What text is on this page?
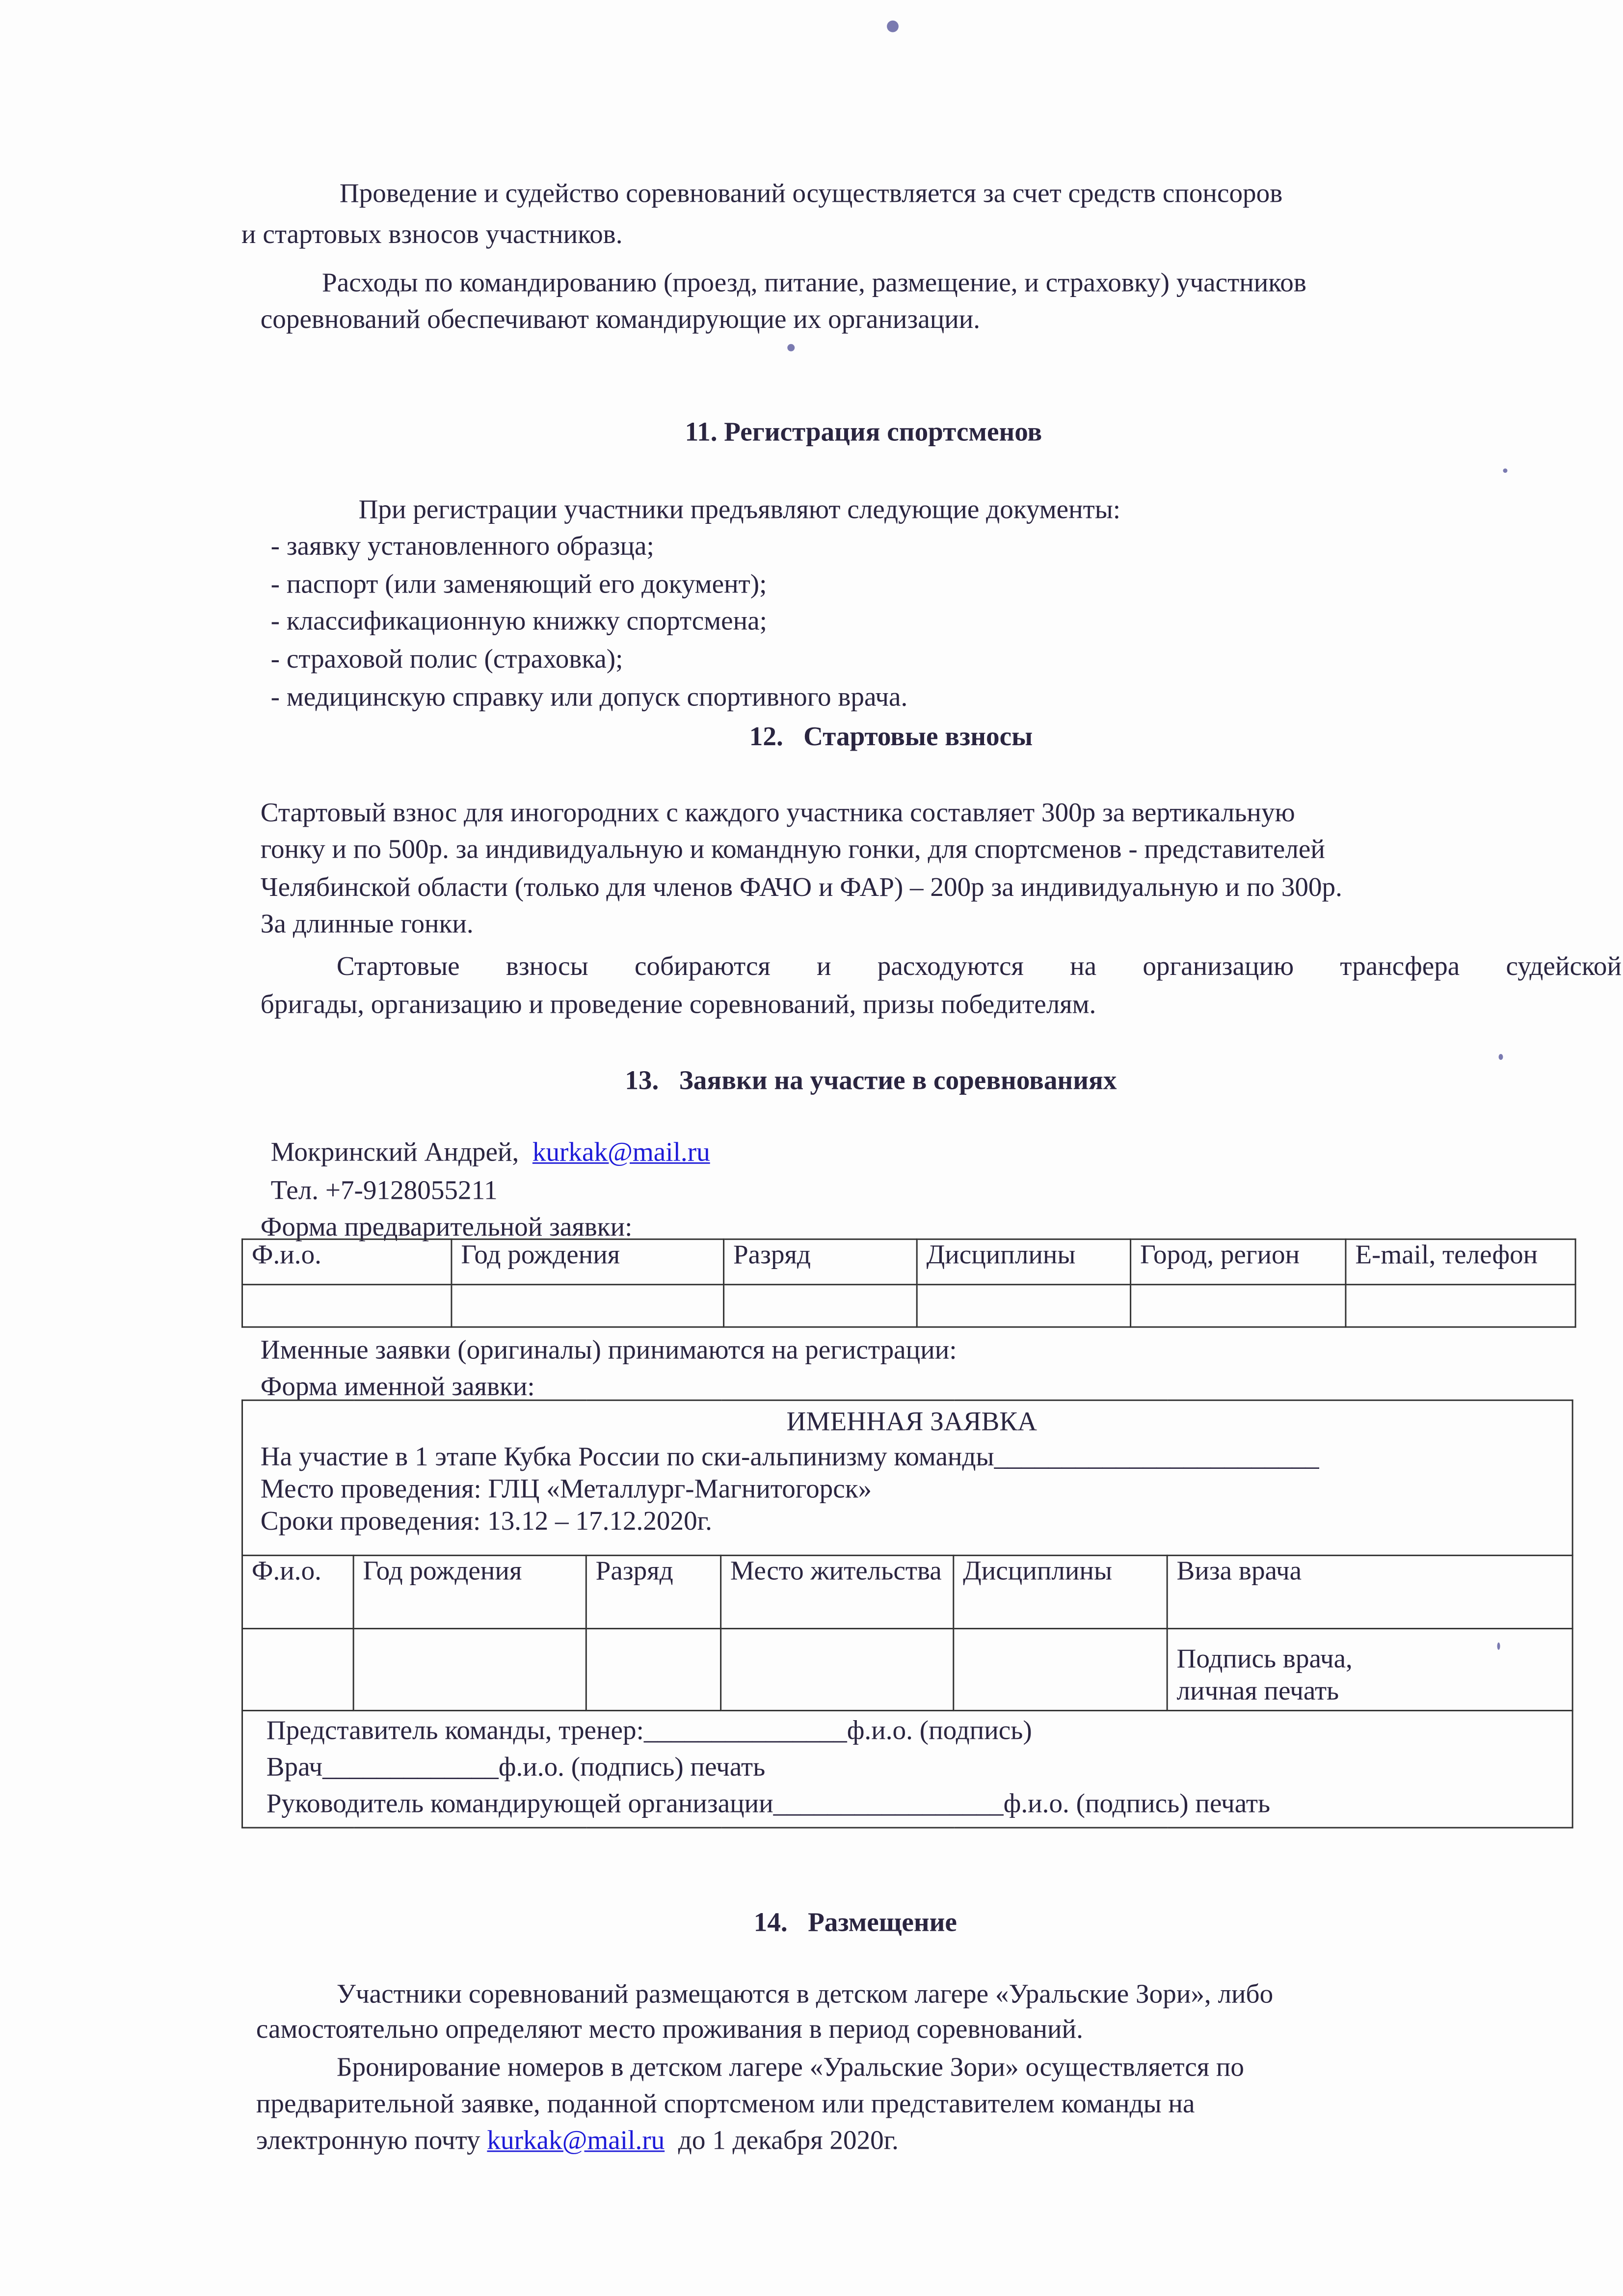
Проведение и судейство соревнований осуществляется за счет средств спонсоров
и стартовых взносов участников.
Расходы по командированию (проезд, питание, размещение, и страховку) участников
соревнований обеспечивают командирующие их организации.
11. Регистрация спортсменов
При регистрации участники предъявляют следующие документы:
- заявку установленного образца;
- паспорт (или заменяющий его документ);
- классификационную книжку спортсмена;
- страховой полис (страховка);
- медицинскую справку или допуск спортивного врача.
12.   Стартовые взносы
Стартовый взнос для иногородних с каждого участника составляет 300р за вертикальную
гонку и по 500р. за индивидуальную и командную гонки, для спортсменов - представителей
Челябинской области (только для членов ФАЧО и ФАР) – 200р за индивидуальную и по 300р.
За длинные гонки.
Стартовые взносы собираются и расходуются на организацию трансфера судейской
бригады, организацию и проведение соревнований, призы победителям.
13.   Заявки на участие в соревнованиях
Мокринский Андрей, kurkak@mail.ru
Тел. +7-9128055211
Форма предварительной заявки:
Ф.и.о.	Год рождения	Разряд	Дисциплины	Город, регион	E-mail, телефон

Именные заявки (оригиналы) принимаются на регистрации:
Форма именной заявки:
ИМЕННАЯ ЗАЯВКА
На участие в 1 этапе Кубка России по ски-альпинизму команды________________________
Место проведения: ГЛЦ «Металлург-Магнитогорск»
Сроки проведения: 13.12 – 17.12.2020г.					

Ф.и.о.	Год рождения	Разряд	Место жительства	Дисциплины	Виза врача

					Подпись врача,
личная печать

Представитель команды, тренер:_______________ф.и.о. (подпись)
Врач_____________ф.и.о. (подпись) печать
Руководитель командирующей организации_________________ф.и.о. (подпись) печать					
14.   Размещение
Участники соревнований размещаются в детском лагере «Уральские Зори», либо
самостоятельно определяют место проживания в период соревнований.
Бронирование номеров в детском лагере «Уральские Зори» осуществляется по
предварительной заявке, поданной спортсменом или представителем команды на
электронную почту kurkak@mail.ru  до 1 декабря 2020г.
